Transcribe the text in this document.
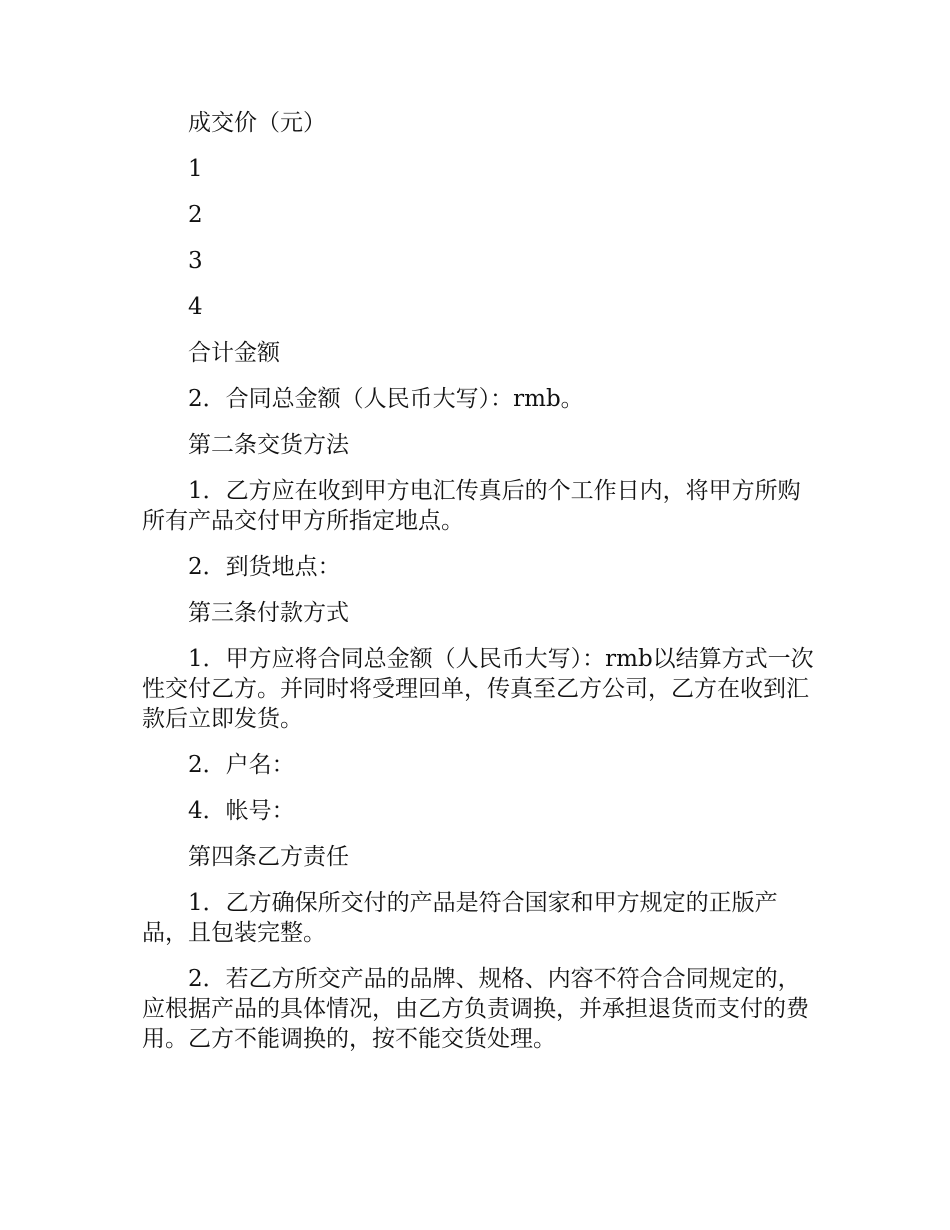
成交价（元）

1

2

3

4

合计金额

2．合同总金额（人民币大写）：rmb。

第二条交货方法

1．乙方应在收到甲方电汇传真后的个工作日内，将甲方所购所有产品交付甲方所指定地点。

2．到货地点：

第三条付款方式

1．甲方应将合同总金额（人民币大写）：rmb以结算方式一次性交付乙方。并同时将受理回单，传真至乙方公司，乙方在收到汇款后立即发货。

2．户名：

4．帐号：

第四条乙方责任

1．乙方确保所交付的产品是符合国家和甲方规定的正版产品，且包装完整。

2．若乙方所交产品的品牌、规格、内容不符合合同规定的，应根据产品的具体情况，由乙方负责调换，并承担退货而支付的费用。乙方不能调换的，按不能交货处理。
